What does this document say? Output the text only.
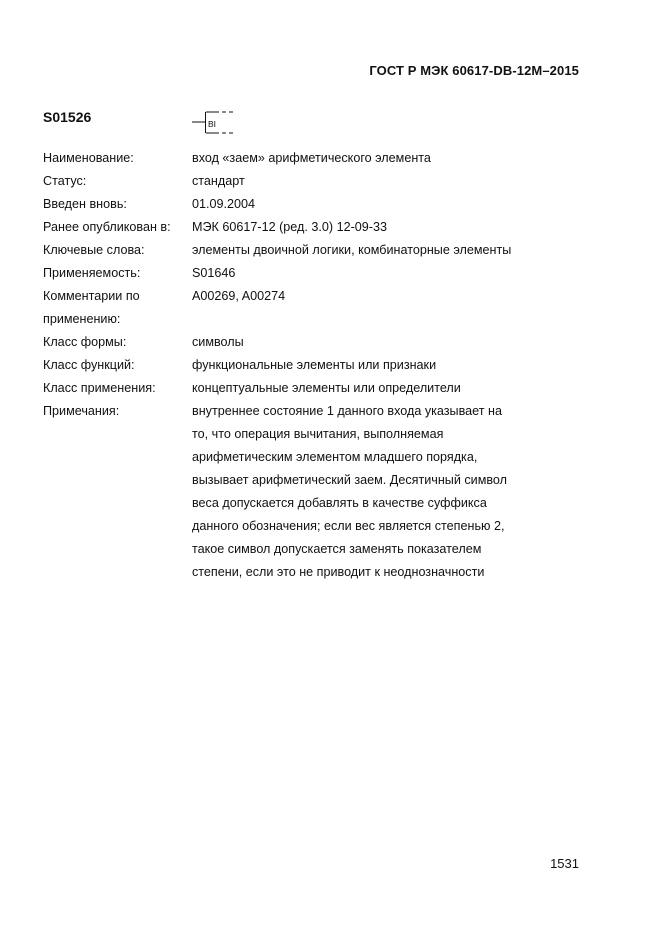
ГОСТ Р МЭК 60617-DB-12М–2015
S01526	BI
Наименование:	вход «заем» арифметического элемента
Статус:	стандарт
Введен вновь:	01.09.2004
Ранее опубликован в:	МЭК 60617-12 (ред. 3.0) 12-09-33
Ключевые слова:	элементы двоичной логики, комбинаторные элементы
Применяемость:	S01646
Комментарии по применению:
A00269, A00274
Класс формы:	символы
Класс функций:	функциональные элементы или признаки
Класс применения:	концептуальные элементы или определители
Примечания:	внутреннее состояние 1 данного входа указывает на
то, что операция вычитания, выполняемая
арифметическим элементом младшего порядка,
вызывает арифметический заем. Десятичный символ
веса допускается добавлять в качестве суффикса
данного обозначения; если вес является степенью 2,
такое символ допускается заменять показателем
степени, если это не приводит к неоднозначности
1531
